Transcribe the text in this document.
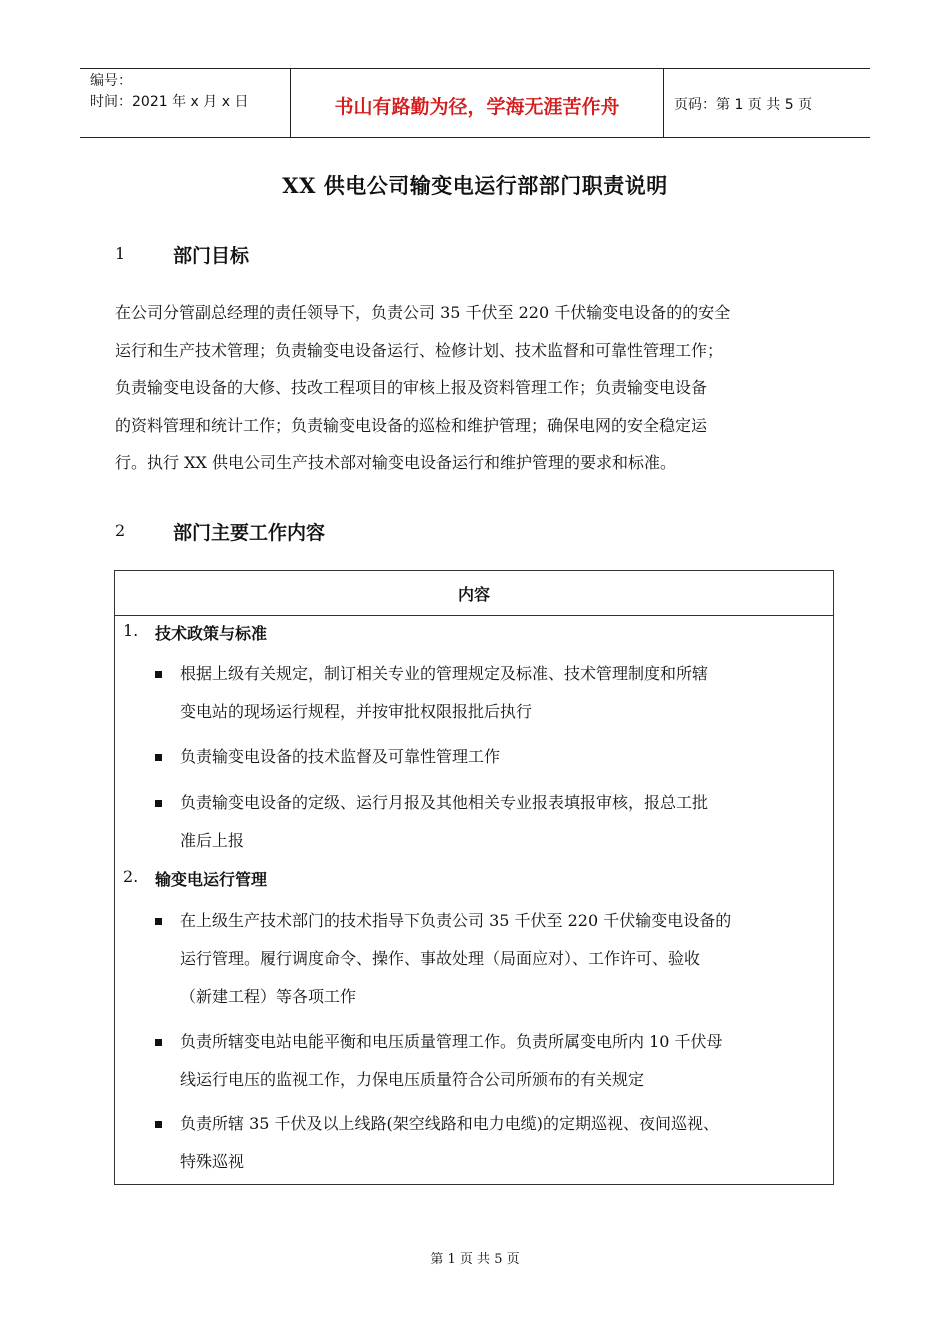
编号：
时间：2021 年 x 月 x 日	书山有路勤为径，学海无涯苦作舟	页码：第 1 页 共 5 页
XX 供电公司输变电运行部部门职责说明
1	部门目标
在公司分管副总经理的责任领导下，负责公司 35 千伏至 220 千伏输变电设备的的安全
运行和生产技术管理；负责输变电设备运行、检修计划、技术监督和可靠性管理工作；
负责输变电设备的大修、技改工程项目的审核上报及资料管理工作；负责输变电设备
的资料管理和统计工作；负责输变电设备的巡检和维护管理；确保电网的安全稳定运
行。执行 XX 供电公司生产技术部对输变电设备运行和维护管理的要求和标准。
2	部门主要工作内容
内容
1.	技术政策与标准
根据上级有关规定，制订相关专业的管理规定及标准、技术管理制度和所辖
变电站的现场运行规程，并按审批权限报批后执行
负责输变电设备的技术监督及可靠性管理工作
负责输变电设备的定级、运行月报及其他相关专业报表填报审核，报总工批
准后上报
2.	输变电运行管理
在上级生产技术部门的技术指导下负责公司 35 千伏至 220 千伏输变电设备的
运行管理。履行调度命令、操作、事故处理（局面应对）、工作许可、验收
（新建工程）等各项工作
负责所辖变电站电能平衡和电压质量管理工作。负责所属变电所内 10 千伏母
线运行电压的监视工作，力保电压质量符合公司所颁布的有关规定
负责所辖 35 千伏及以上线路(架空线路和电力电缆)的定期巡视、夜间巡视、
特殊巡视
第 1 页 共 5 页
